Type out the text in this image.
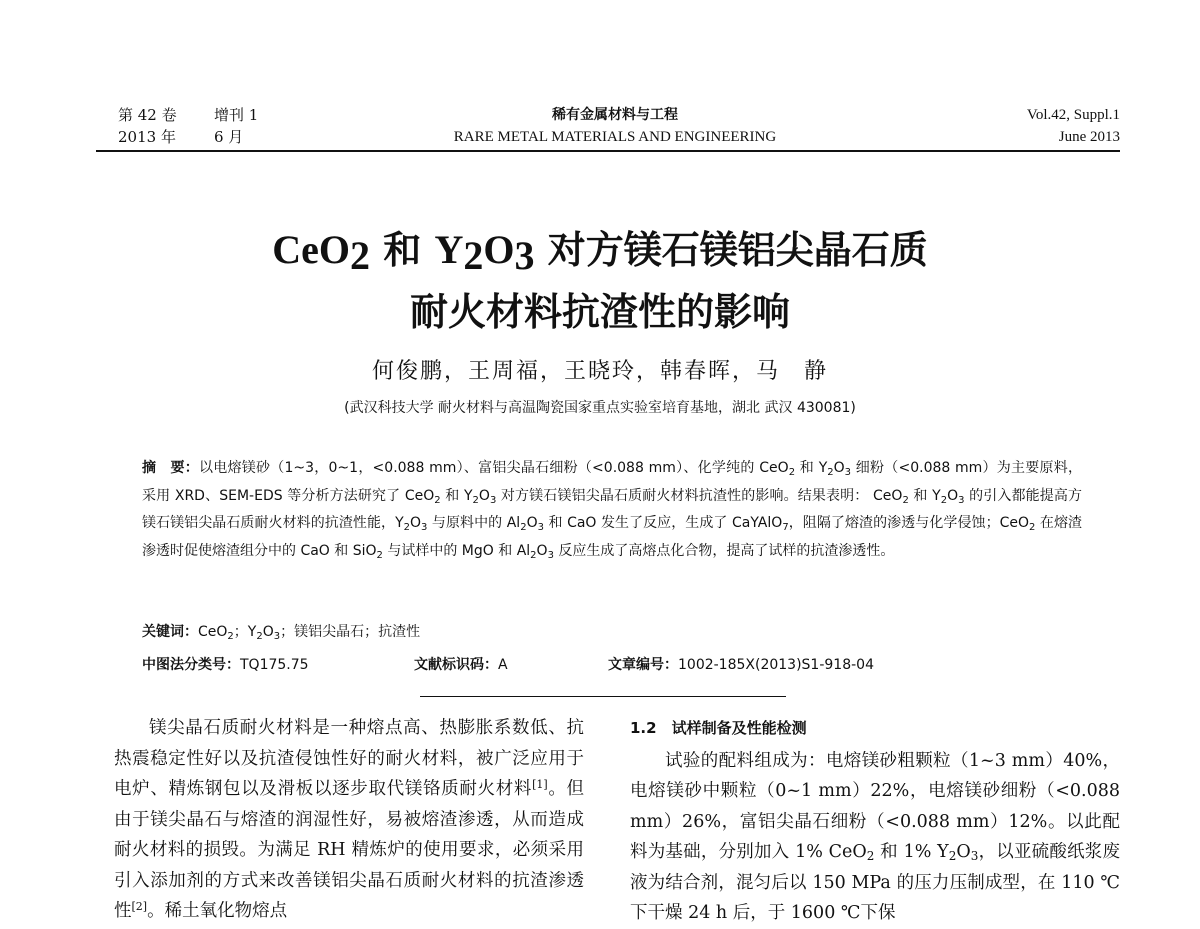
第 42 卷 增刊 1
2013 年	6 月
稀有金属材料与工程
RARE METAL MATERIALS AND ENGINEERING
Vol.42, Suppl.1
June 2013
CeO$_2$ 和 $Y_2O_3$ 对方镁石镁铝尖晶石质
耐火材料抗渣性的影响
何俊鹏，王周福，王晓玲，韩春晖，马　静
(武汉科技大学 耐火材料与高温陶瓷国家重点实验室培育基地，湖北 武汉 430081)
摘　要：以电熔镁砂（1~3，0~1，<0.088 mm）、富铝尖晶石细粉（<0.088 mm）、化学纯的 CeO$_2$ 和 $Y_2O_3$ 细粉（<0.088 mm）为主要原料，采用 XRD、SEM-EDS 等分析方法研究了 CeO$_2$ 和 $Y_2O_3$ 对方镁石镁铝尖晶石质耐火材料抗渣性的影响。结果表明： CeO$_2$ 和 $Y_2O_3$ 的引入都能提高方镁石镁铝尖晶石质耐火材料的抗渣性能，$Y_2O_3$ 与原料中的 $Al_2O_3$ 和 CaO 发生了反应，生成了 CaYAlO$_7$，阻隔了熔渣的渗透与化学侵蚀；CeO$_2$ 在熔渣渗透时促使熔渣组分中的 CaO 和 SiO$_2$ 与试样中的 MgO 和 $Al_2O_3$ 反应生成了高熔点化合物，提高了试样的抗渣渗透性。
关键词：CeO$_2$；$Y_2O_3$；镁铝尖晶石；抗渣性
中图法分类号：TQ175.75	文献标识码：A	文章编号：1002-185X(2013)S1-918-04

镁尖晶石质耐火材料是一种熔点高、热膨胀系数低、抗热震稳定性好以及抗渣侵蚀性好的耐火材料，被广泛应用于电炉、精炼钢包以及滑板以逐步取代镁铬质耐火材料[1]。但由于镁尖晶石与熔渣的润湿性好，易被熔渣渗透，从而造成耐火材料的损毁。为满足 RH 精炼炉的使用要求，必须采用引入添加剂的方式来改善镁铝尖晶石质耐火材料的抗渣渗透性[2]。稀土氧化物熔点

1.2　试样制备及性能检测

试验的配料组成为：电熔镁砂粗颗粒（1~3 mm）40%，电熔镁砂中颗粒（0~1 mm）22%，电熔镁砂细粉（<0.088 mm）26%，富铝尖晶石细粉（<0.088 mm）12%。以此配料为基础，分别加入 1% CeO$_2$ 和 1% $Y_2O_3$，以亚硫酸纸浆废液为结合剂，混匀后以 150 MPa 的压力压制成型，在 110 ℃下干燥 24 h 后，于 1600 ℃下保
